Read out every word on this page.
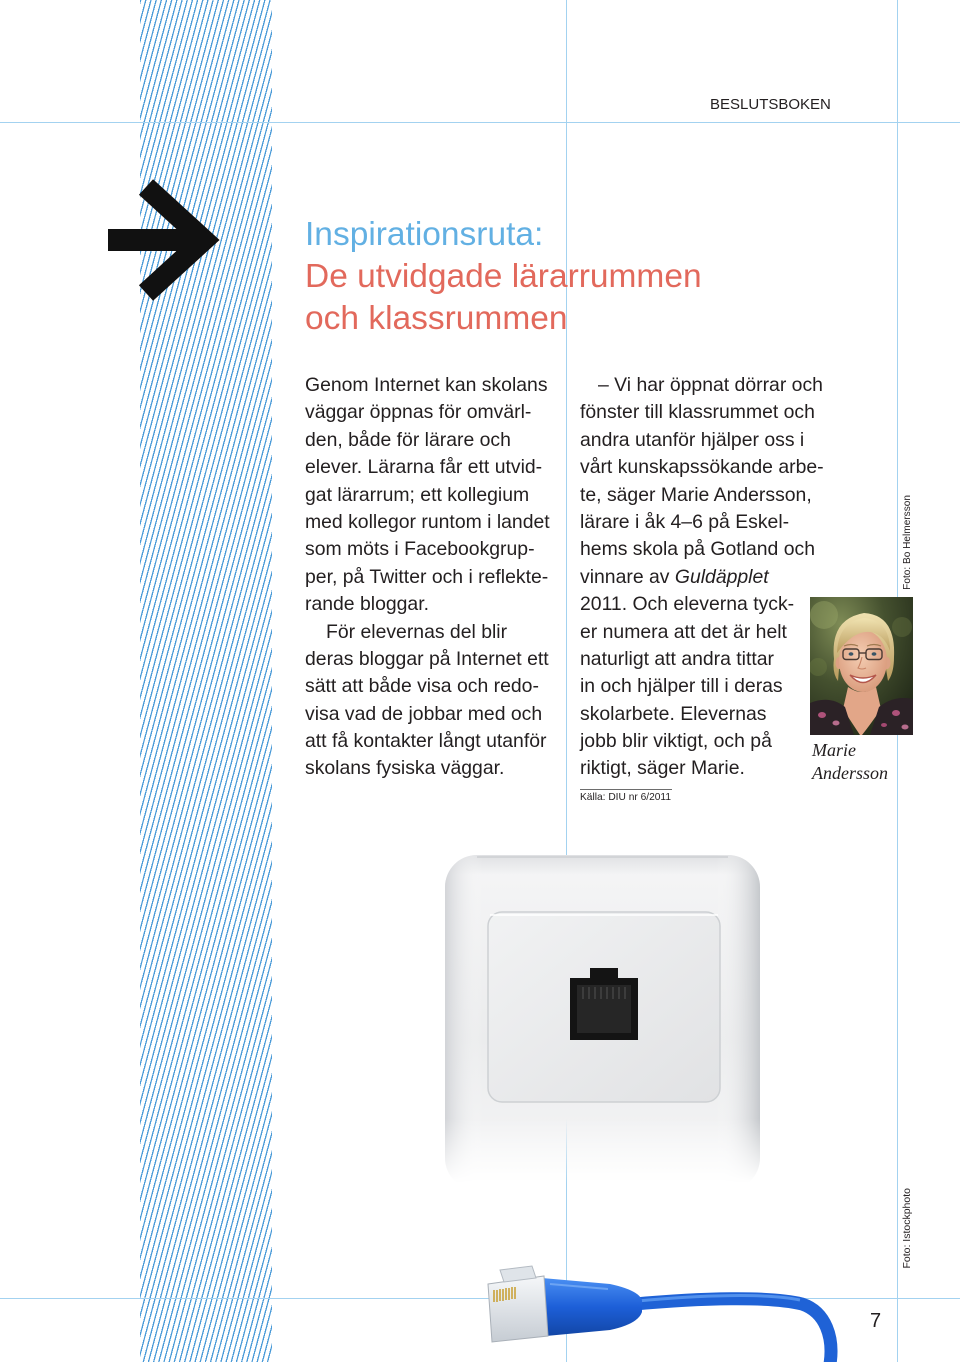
BESLUTSBOKEN
Inspirationsruta:
De utvidgade lärarrummen
och klassrummen
Genom Internet kan skolans
väggar öppnas för omvärl-
den, både för lärare och
elever. Lärarna får ett utvid-
gat lärarrum; ett kollegium
med kollegor runtom i landet
som möts i Facebookgrup-
per, på Twitter och i reflekte-
rande bloggar.
För elevernas del blir
deras bloggar på Internet ett
sätt att både visa och redo-
visa vad de jobbar med och
att få kontakter långt utanför
skolans fysiska väggar.
– Vi har öppnat dörrar och
fönster till klassrummet och
andra utanför hjälper oss i
vårt kunskapssökande arbe-
te, säger Marie Andersson,
lärare i åk 4–6 på Eskel-
hems skola på Gotland och
vinnare av Guldäpplet
2011. Och eleverna tyck-
er numera att det är helt
naturligt att andra tittar
in och hjälper till i deras
skolarbete. Elevernas
jobb blir viktigt, och på
riktigt, säger Marie.
Källa: DIU nr 6/2011
Marie
Andersson
Foto: Bo Helmersson
Foto: Istockphoto
7
